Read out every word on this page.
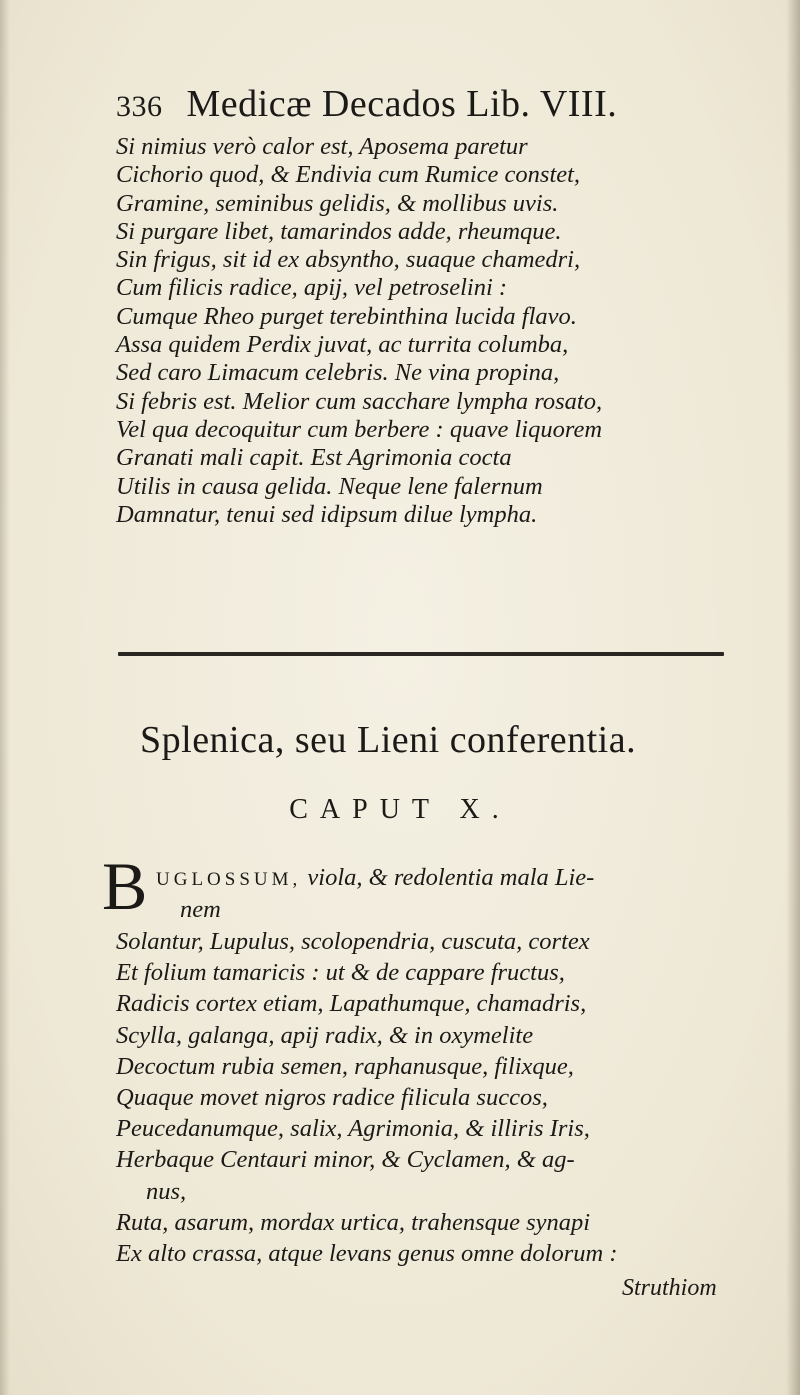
336 Medicæ Decados Lib. VIII.
Si nimius verò calor est, Aposema paretur
Cichorio quod, & Endivia cum Rumice constet,
Gramine, seminibus gelidis, & mollibus uvis.
Si purgare libet, tamarindos adde, rheumque.
Sin frigus, sit id ex absyntho, suaque chamedri,
Cum filicis radice, apij, vel petroselini :
Cumque Rheo purget terebinthina lucida flavo.
Assa quidem Perdix juvat, ac turrita columba,
Sed caro Limacum celebris. Ne vina propina,
Si febris est. Melior cum sacchare lympha rosato,
Vel qua decoquitur cum berbere : quave liquorem
Granati mali capit. Est Agrimonia cocta
Utilis in causa gelida. Neque lene falernum
Damnatur, tenui sed idipsum dilue lympha.
Splenica, seu Lieni conferentia.
CAPUT X.
B UGLOSSUM, viola, & redolentia mala Lie-
nem
Solantur, Lupulus, scolopendria, cuscuta, cortex
Et folium tamaricis : ut & de cappare fructus,
Radicis cortex etiam, Lapathumque, chamadris,
Scylla, galanga, apij radix, & in oxymelite
Decoctum rubia semen, raphanusque, filixque,
Quaque movet nigros radice filicula succos,
Peucedanumque, salix, Agrimonia, & illiris Iris,
Herbaque Centauri minor, & Cyclamen, & ag-
nus,
Ruta, asarum, mordax urtica, trahensque synapi
Ex alto crassa, atque levans genus omne dolorum :
Struthiom
